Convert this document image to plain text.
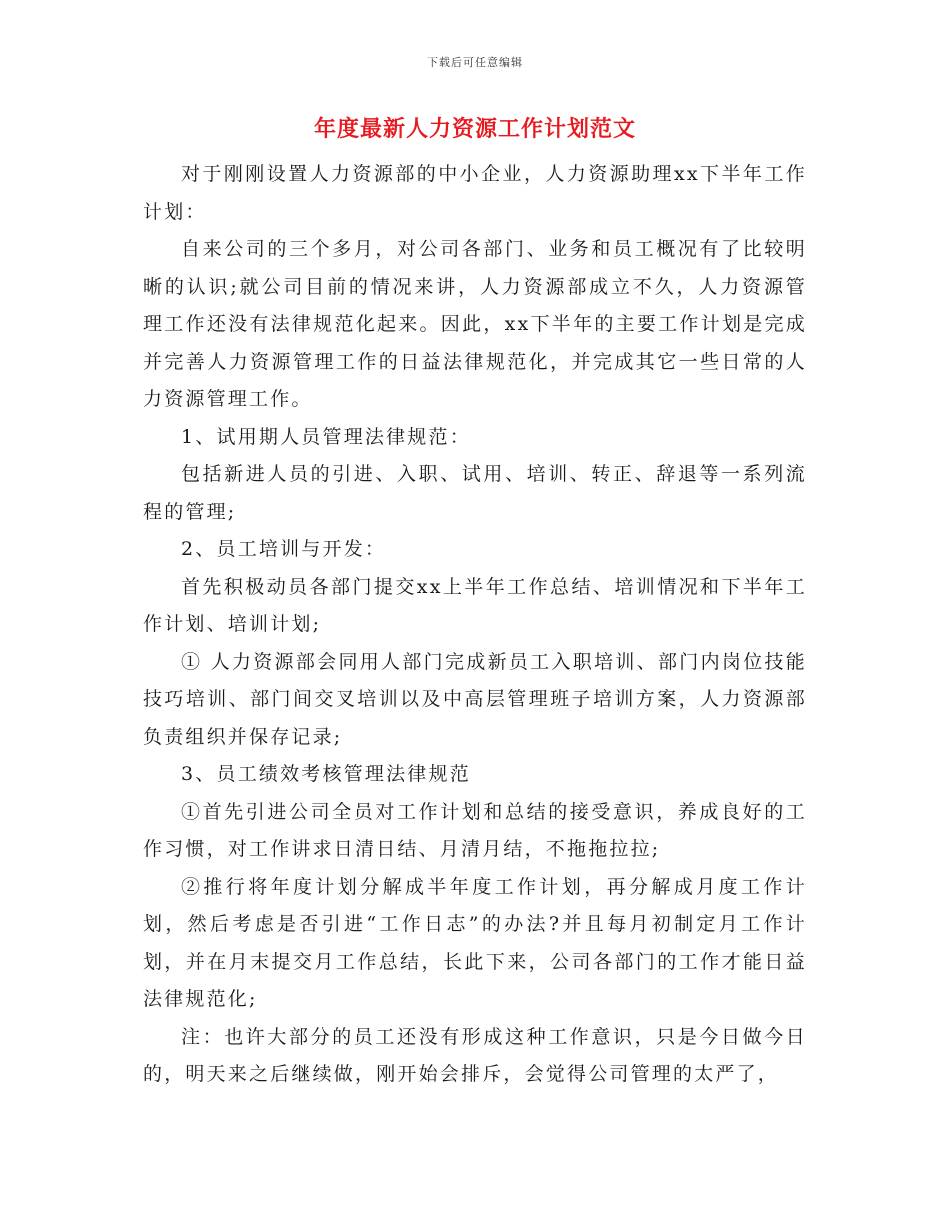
下载后可任意编辑
年度最新人力资源工作计划范文

对于刚刚设置人力资源部的中小企业，人力资源助理xx下半年工作计划：

自来公司的三个多月，对公司各部门、业务和员工概况有了比较明晰的认识;就公司目前的情况来讲，人力资源部成立不久，人力资源管理工作还没有法律规范化起来。因此，xx下半年的主要工作计划是完成并完善人力资源管理工作的日益法律规范化，并完成其它一些日常的人力资源管理工作。

1、试用期人员管理法律规范：

包括新进人员的引进、入职、试用、培训、转正、辞退等一系列流程的管理;

2、员工培训与开发：

首先积极动员各部门提交xx上半年工作总结、培训情况和下半年工作计划、培训计划;

① 人力资源部会同用人部门完成新员工入职培训、部门内岗位技能技巧培训、部门间交叉培训以及中高层管理班子培训方案，人力资源部负责组织并保存记录;

3、员工绩效考核管理法律规范

①首先引进公司全员对工作计划和总结的接受意识，养成良好的工作习惯，对工作讲求日清日结、月清月结，不拖拖拉拉;

②推行将年度计划分解成半年度工作计划，再分解成月度工作计划，然后考虑是否引进“工作日志”的办法?并且每月初制定月工作计划，并在月末提交月工作总结，长此下来，公司各部门的工作才能日益法律规范化;

注：也许大部分的员工还没有形成这种工作意识，只是今日做今日的，明天来之后继续做，刚开始会排斥，会觉得公司管理的太严了，
